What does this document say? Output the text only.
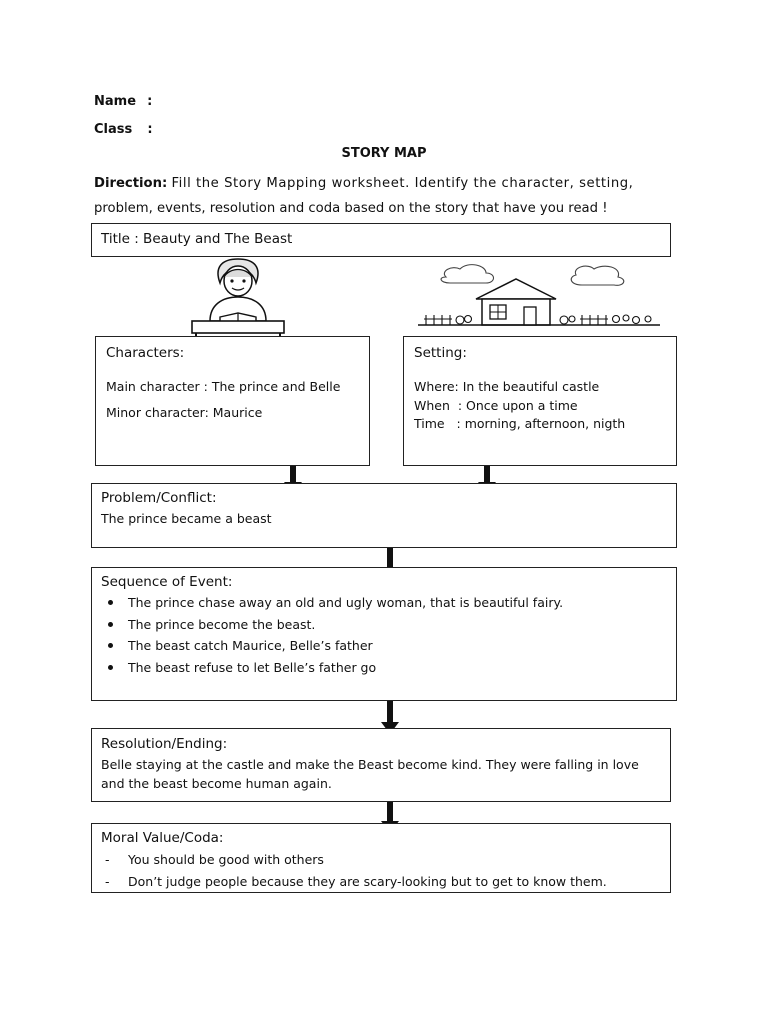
Name :
Class :
STORY MAP
Direction: Fill the Story Mapping worksheet. Identify the character, setting,
problem, events, resolution and coda based on the story that have you read !
Title : Beauty and The Beast
Characters:
Main character : The prince and Belle
Minor character: Maurice
Setting:
Where: In the beautiful castle
When  : Once upon a time
Time   : morning, afternoon, nigth
Problem/Conflict:
The prince became a beast
Sequence of Event:
The prince chase away an old and ugly woman, that is beautiful fairy.
The prince become the beast.
The beast catch Maurice, Belle’s father
The beast refuse to let Belle’s father go
Resolution/Ending:
Belle staying at the castle and make the Beast become kind. They were falling in love
and the beast become human again.
Moral Value/Coda:
- You should be good with others
- Don’t judge people because they are scary-looking but to get to know them.
